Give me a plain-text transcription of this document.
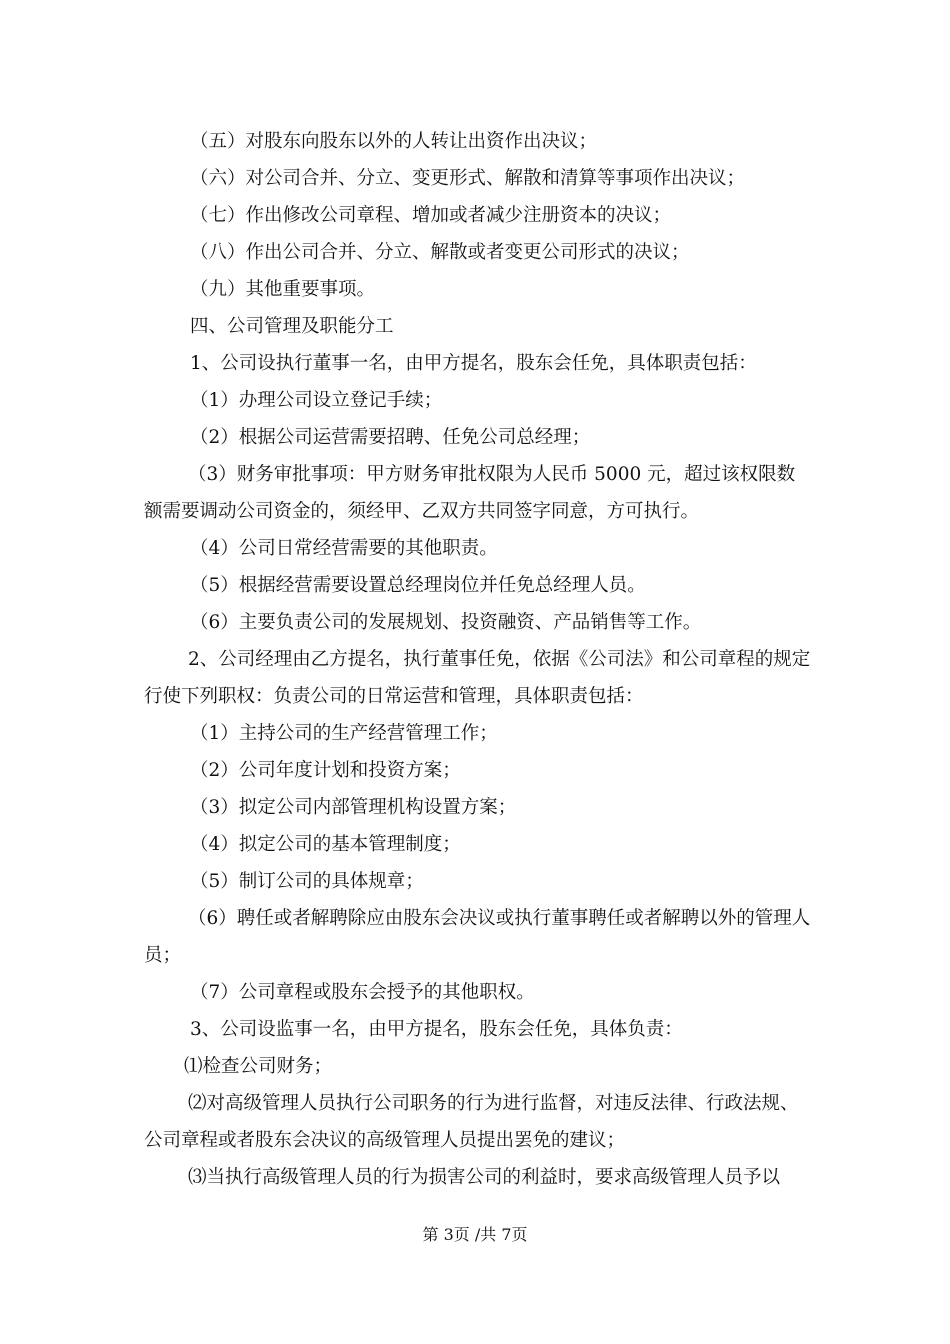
（五）对股东向股东以外的人转让出资作出决议；

（六）对公司合并、分立、变更形式、解散和清算等事项作出决议；

（七）作出修改公司章程、增加或者减少注册资本的决议；

（八）作出公司合并、分立、解散或者变更公司形式的决议；

（九）其他重要事项。

四、公司管理及职能分工

1、公司设执行董事一名，由甲方提名，股东会任免，具体职责包括：

（1）办理公司设立登记手续；

（2）根据公司运营需要招聘、任免公司总经理；

（3）财务审批事项：甲方财务审批权限为人民币 5000 元，超过该权限数额需要调动公司资金的，须经甲、乙双方共同签字同意，方可执行。

（4）公司日常经营需要的其他职责。

（5）根据经营需要设置总经理岗位并任免总经理人员。

（6）主要负责公司的发展规划、投资融资、产品销售等工作。

2、公司经理由乙方提名，执行董事任免，依据《公司法》和公司章程的规定行使下列职权：负责公司的日常运营和管理，具体职责包括：

（1）主持公司的生产经营管理工作；

（2）公司年度计划和投资方案；

（3）拟定公司内部管理机构设置方案；

（4）拟定公司的基本管理制度；

（5）制订公司的具体规章；

（6）聘任或者解聘除应由股东会决议或执行董事聘任或者解聘以外的管理人员；

（7）公司章程或股东会授予的其他职权。

3、公司设监事一名，由甲方提名，股东会任免，具体负责：

⑴检查公司财务；

⑵对高级管理人员执行公司职务的行为进行监督，对违反法律、行政法规、公司章程或者股东会决议的高级管理人员提出罢免的建议；

⑶当执行高级管理人员的行为损害公司的利益时，要求高级管理人员予以

第 3页 /共 7页
